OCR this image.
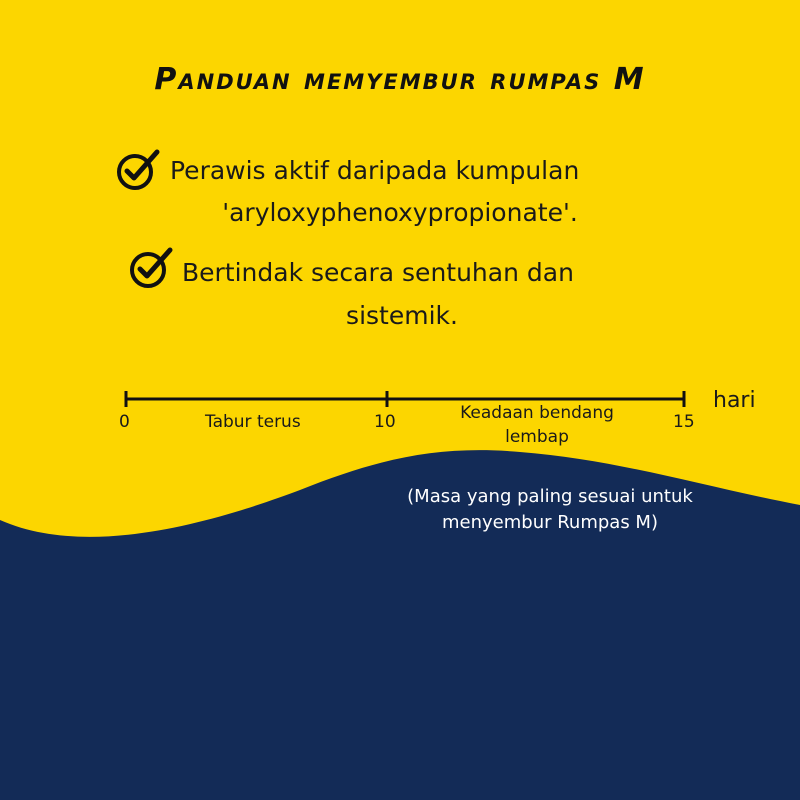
Panduan memyembur rumpas M
Perawis aktif daripada kumpulan
'aryloxyphenoxypropionate'.
Bertindak secara sentuhan dan
sistemik.
0	Tabur terus	10	Keadaan bendang
lembap
15
hari
(Masa yang paling sesuai untuk
menyembur Rumpas M)
